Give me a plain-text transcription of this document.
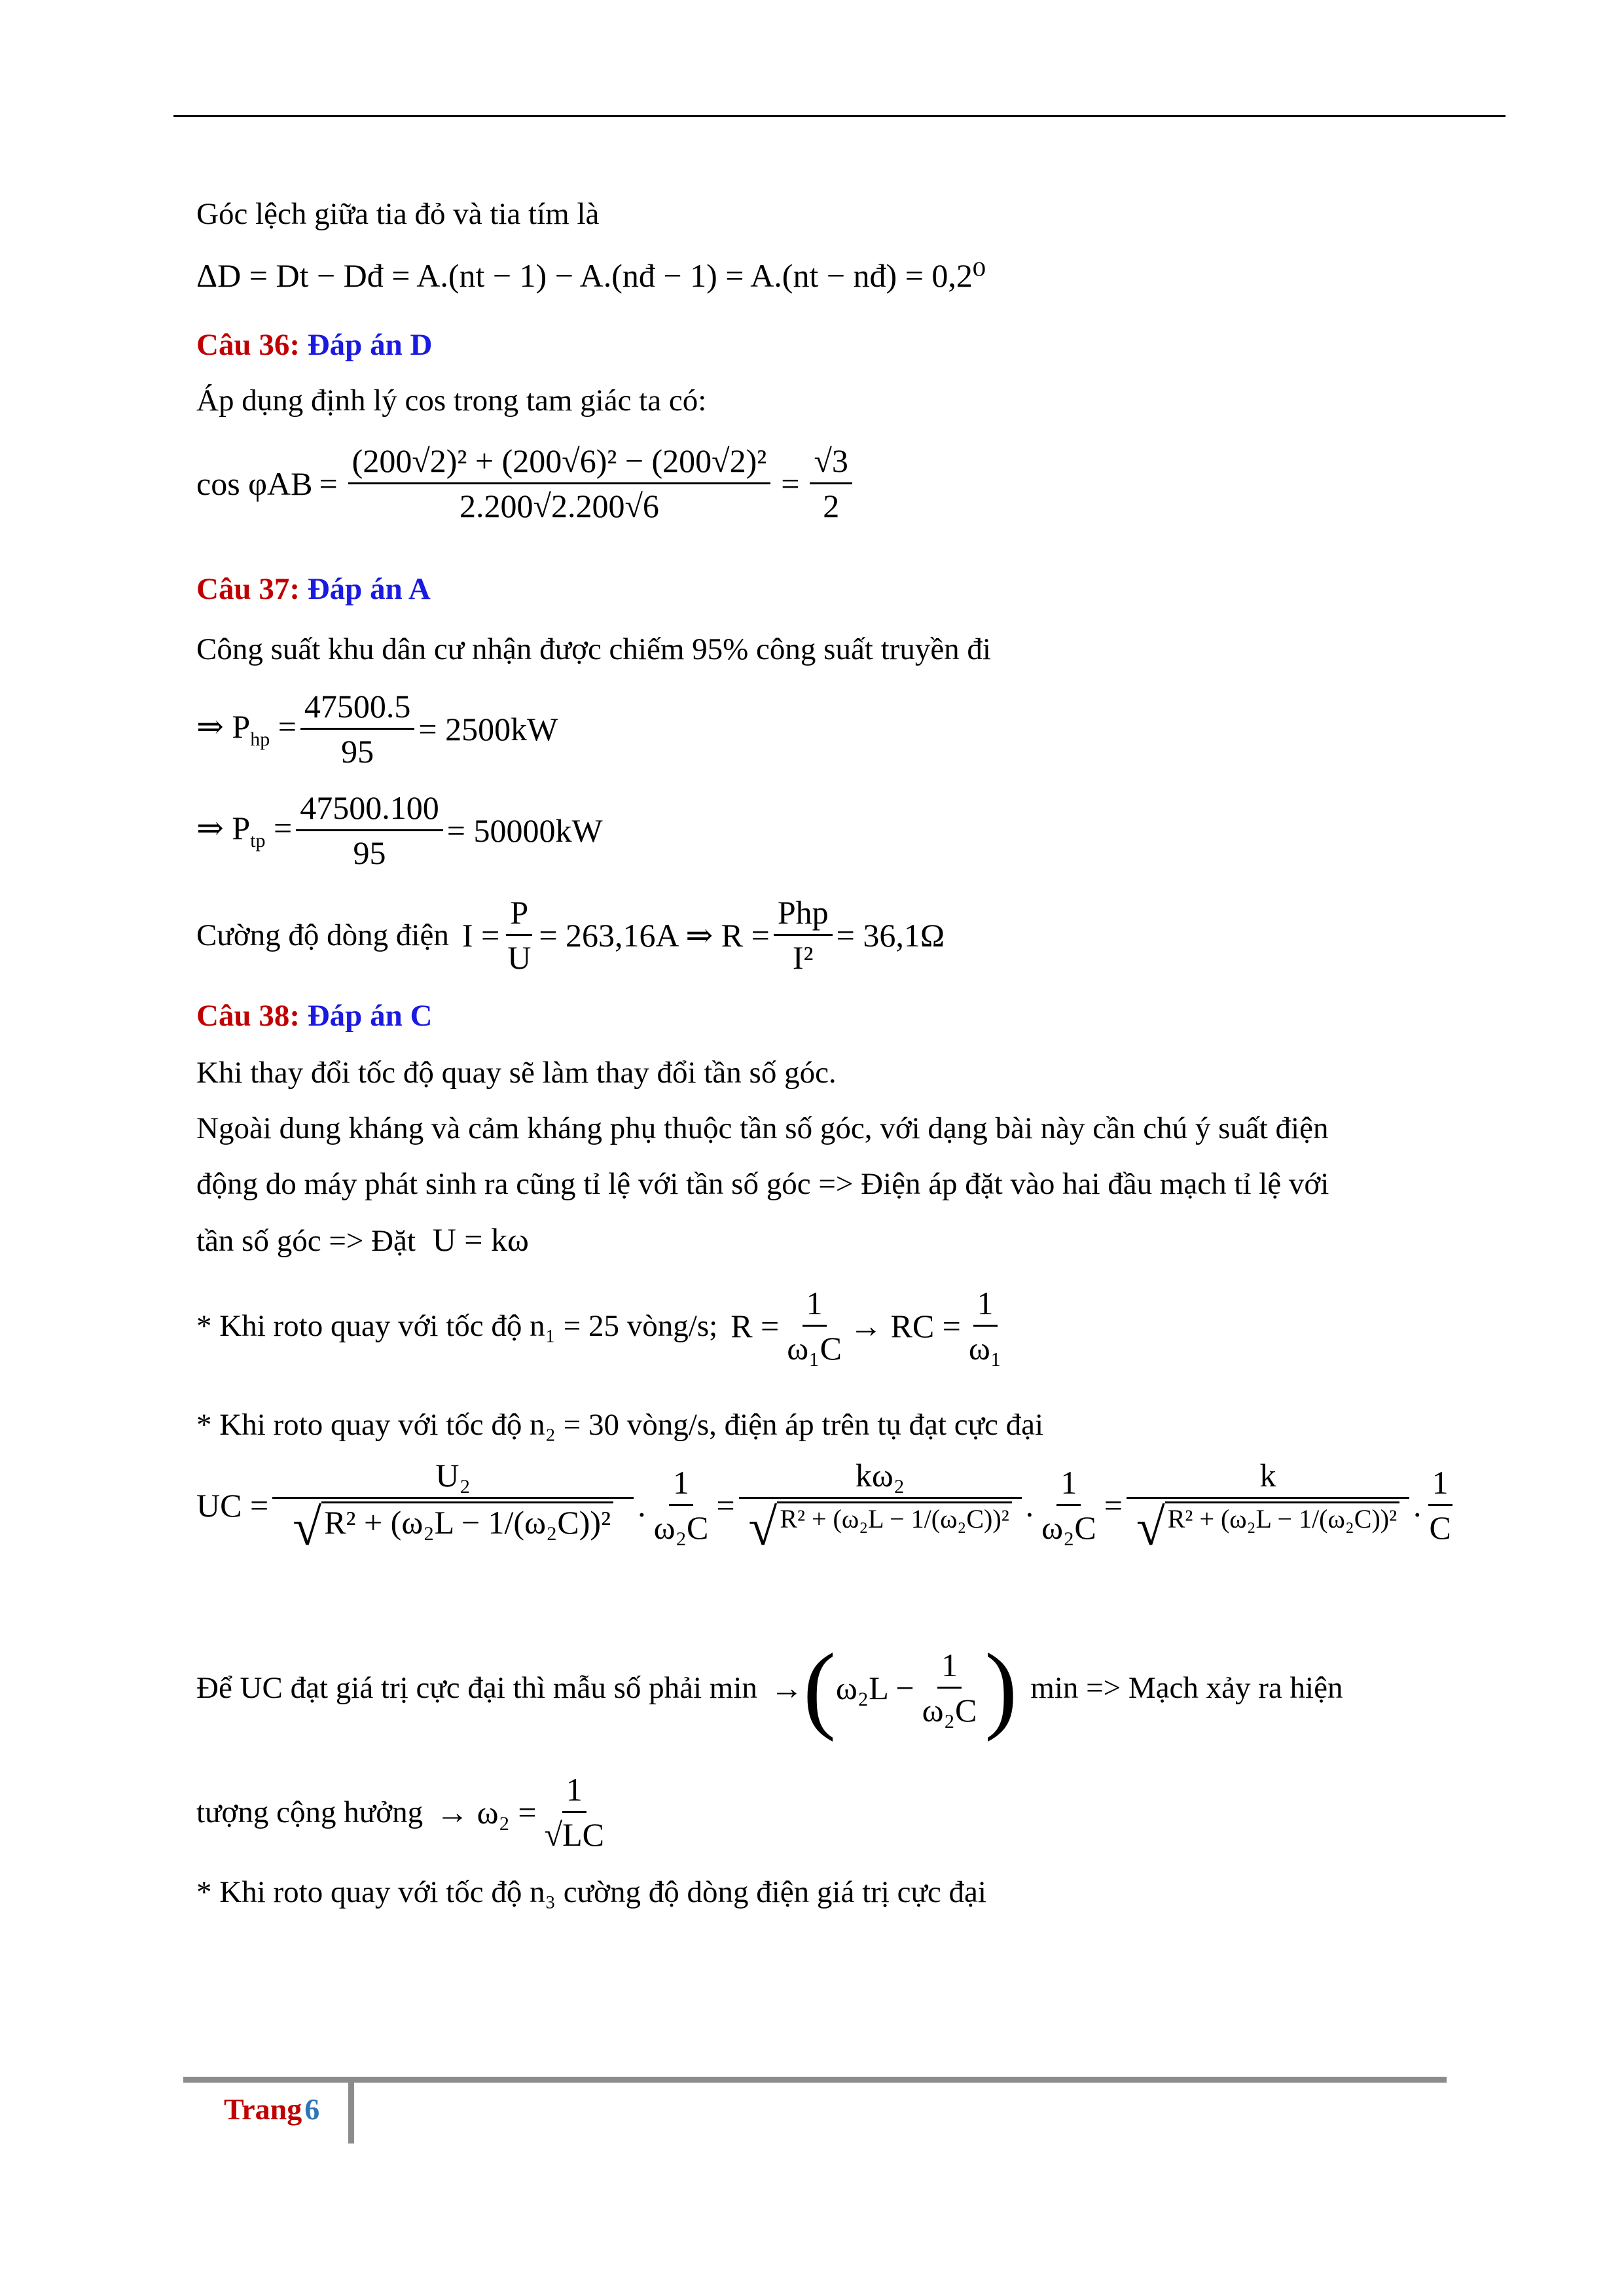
Góc lệch giữa tia đỏ và tia tím là
ΔD = Dt − Dđ = A.(nt − 1) − A.(nđ − 1) = A.(nt − nđ) = 0,2⁰
Câu 36: Đáp án D
Áp dụng định lý cos trong tam giác ta có:
$\cos \varphi AB = \frac{\text{(200√2)² + (200√6)² − (200√2)²}}{2.200√2.200√6} = \frac{√3}{2}$
Câu 37: Đáp án A
Công suất khu dân cư nhận được chiếm 95% công suất truyền đi
⇒ $P_{hp} = \frac{47500.5}{95} = 2500kW$
⇒ $P_{tp} = \frac{47500.100}{95} = 50000kW$
Cường độ dòng điện $I = \frac{P}{U} = 263,16A$ ⇒ $R = \frac{\text{Php}}{\text{I²}} = 36,1\Omega$
Câu 38: Đáp án C
Khi thay đổi tốc độ quay sẽ làm thay đổi tần số góc.
Ngoài dung kháng và cảm kháng phụ thuộc tần số góc, với dạng bài này cần chú ý suất điện
động do máy phát sinh ra cũng tỉ lệ với tần số góc => Điện áp đặt vào hai đầu mạch tỉ lệ với
tần số góc => Đặt U = kω
* Khi roto quay với tốc độ n₁ = 25 vòng/s; $R = \frac{1}{\text{ω₁C}}$ → RC = $\frac{1}{\text{ω₁}}$
* Khi roto quay với tốc độ n₂ = 30 vòng/s, điện áp trên tụ đạt cực đại
UC = $\frac{\text{U₂}}{\text{√ R² + (ω₂L − 1/(ω₂C))²}}$ . $\frac{1}{\text{ω₂C}} = \frac{\text{kω₂}}{\text{√ R² + (ω₂L − 1/(ω₂C))²}}$ . $\frac{1}{\text{ω₂C}} = \frac{k}{\text{√ R² + (ω₂L − 1/(ω₂C))²}}$ . $\frac{1}{C}$
Để UC đạt giá trị cực đại thì mẫu số phải min → ( $\omega_2L - \frac{1}{\text{ω₂C}}$ ) min => Mạch xảy ra hiện
tượng cộng hưởng → $\omega_2 = \frac{1}{√LC}$
* Khi roto quay với tốc độ n₃ cường độ dòng điện giá trị cực đại
Trang 6
